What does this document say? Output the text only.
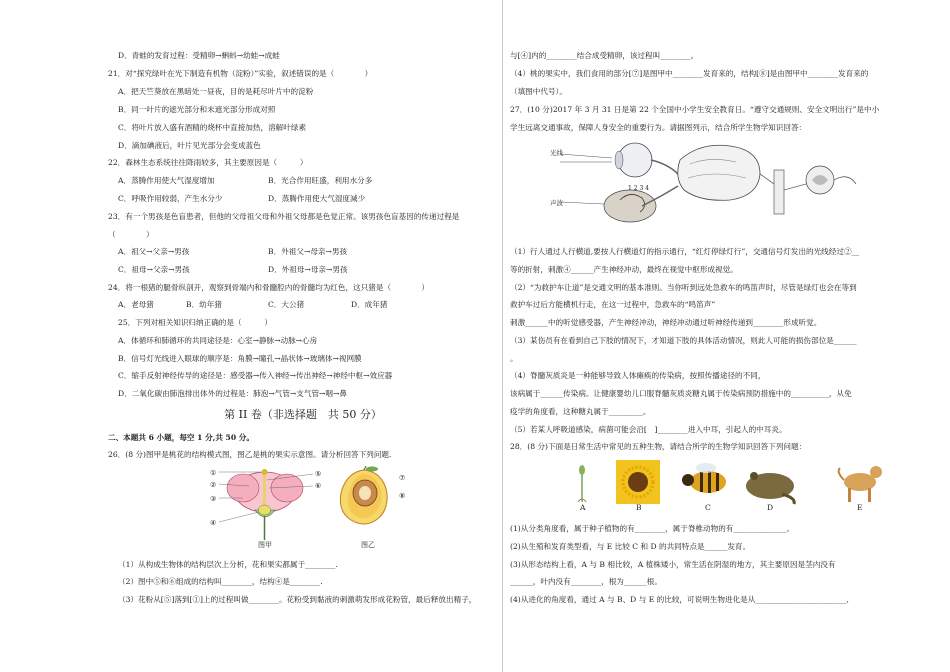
D．青蛙的发育过程：受精卵→蝌蚪→幼蛙→成蛙
21．对“探究绿叶在光下制造有机物（淀粉）”实验，叙述错误的是（　　　　）
A．把天竺葵放在黑暗处一昼夜，目的是耗尽叶片中的淀粉
B．同一叶片的遮光部分和未遮光部分形成对照
C．将叶片放入盛有酒精的烧杯中直接加热，溶解叶绿素
D．滴加碘液后，叶片见光部分会变成蓝色
22．森林生态系统往往降雨较多，其主要原因是（　　　）
A．蒸腾作用使大气湿度增加	B．光合作用旺盛，利用水分多
C．呼吸作用较弱，产生水分少	D．蒸腾作用使大气湿度减少
23．有一个男孩是色盲患者，但他的父母祖父母和外祖父母都是色觉正常。该男孩色盲基因的传递过程是
（　　　　）
A．祖父→父亲→男孩	B．外祖父→母亲→男孩
C．祖母→父亲→男孩	D．外祖母→母亲→男孩
24．将一根猪的腿骨纵剖开，观察到骨端内和骨髓腔内的骨髓均为红色，这只猪是（　　　　）
A．老母猪	B．幼年猪	C．大公猪	D．成年猪
25．下列对相关知识归纳正确的是（　　　）
A．体循环和肺循环的共同途径是：心室→静脉→动脉→心房
B．信号灯光线进入眼球的顺序是：角膜→瞳孔→晶状体→玻璃体→视网膜
C．缩手反射神经传导的途径是：感受器→传入神经→传出神经→神经中枢→效应器
D．二氧化碳由肺泡排出体外的过程是：肺泡→气管→支气管→咽→鼻
第 II 卷（非选择题　共 50 分）
二、本题共 6 小题，每空 1 分,共 50 分。
26．(8 分)图甲是桃花的结构模式图，图乙是桃的果实示意图。请分析回答下列问题.
①
②
③
④
⑤
⑥
⑦
⑧
图甲	图乙
（1）从构成生物体的结构层次上分析，花和果实都属于________.
（2）图中⑤和⑥组成的结构叫________，结构④是________.
（3）花粉从[⑤]落到[①]上的过程叫做________。花粉受到黏液的刺激萌发形成花粉管，最后释放出精子，
与[④]内的________结合成受精卵，该过程叫________。
（4）桃的果实中，我们食用的部分[⑦]是图甲中________发育来的，结构[⑧]是由图甲中________发育来的
（填图中代号）。
27．(10 分)2017 年 3 月 31 日是第 22 个全国中小学生安全教育日。“遵守交通规则、安全文明出行”是中小
学生远离交通事故，保障人身安全的重要行为。请据图列示，结合所学生物学知识回答：
光线
声波
1 2 3 4
（1）行人通过人行横道,要按人行横道灯的指示通行，“红灯停绿灯行”，交通信号灯发出的光线经过②__
等的折射，刺激④______产生神经冲动，最终在视觉中枢形成视觉。
（2）“为救护车让道”是交通文明的基本准则。当你听到远处急救车的鸣笛声时，尽管是绿灯也会在等到
救护车过后方能横机行走，在这一过程中，急救车的“鸣笛声”
刺激______中的听觉感受器，产生神经冲动，神经冲动通过听神经传递到________形成听觉。
（3）某伤员有在看到自己下肢的情况下，才知道下肢的具体活动情况，则此人可能的损伤部位是______
。
（4）脊髓灰质炎是一种能够导致人体瘫痪的传染病，按照传播途径的不同，
该病属于______传染病。让健康婴幼儿口服脊髓灰质炎糖丸属于传染病预防措施中的__________，从免
疫学的角度看，这种糖丸属于_________。
（5）若某人呼吸道感染，病菌可能会沿[　]________进入中耳，引起人的中耳炎。
28．(8 分)下面是日常生活中常见的五种生物，请结合所学的生物学知识回答下列问题：
A	B	C	D	E
(1)从分类角度看，属于种子植物的有________，属于脊椎动物的有______________。
(2)从生殖和发育类型看，与 E 比较 C 和 D 的共同特点是______发育。
(3)从形态结构上看，A 与 B 相比较，A 植株矮小，常生活在阴湿的地方，其主要原因是茎内没有
______，叶内没有________，根为______根。
(4)从进化的角度看，通过 A 与 B、D 与 E 的比较，可说明生物进化是从________________________,
